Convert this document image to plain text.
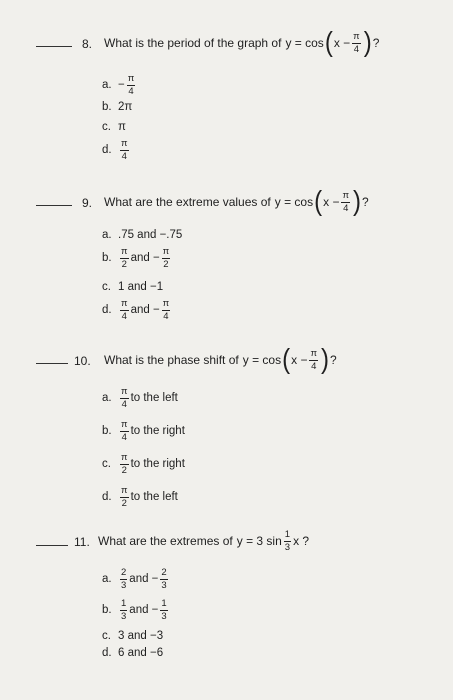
8. What is the period of the graph of y = cos ( $x - \frac{\pi}{4}$ ) ?
a. − $\frac{\pi}{4}$
b. 2π
c. π
d. $\frac{\pi}{4}$
9. What are the extreme values of y = cos ( $x - \frac{\pi}{4}$ ) ?
a. .75 and −.75
b. $\frac{\pi}{2}$ and − $\frac{\pi}{2}$
c. 1 and −1
d. $\frac{\pi}{4}$ and − $\frac{\pi}{4}$
10. What is the phase shift of y = cos ( $x - \frac{\pi}{4}$ ) ?
a. $\frac{\pi}{4}$ to the left
b. $\frac{\pi}{4}$ to the right
c. $\frac{\pi}{2}$ to the right
d. $\frac{\pi}{2}$ to the left
11. What are the extremes of y = 3 $\sin \frac{1}{3}$ x ?
a. $\frac{2}{3}$ and − $\frac{2}{3}$
b. $\frac{1}{3}$ and − $\frac{1}{3}$
c. 3 and −3
d. 6 and −6
